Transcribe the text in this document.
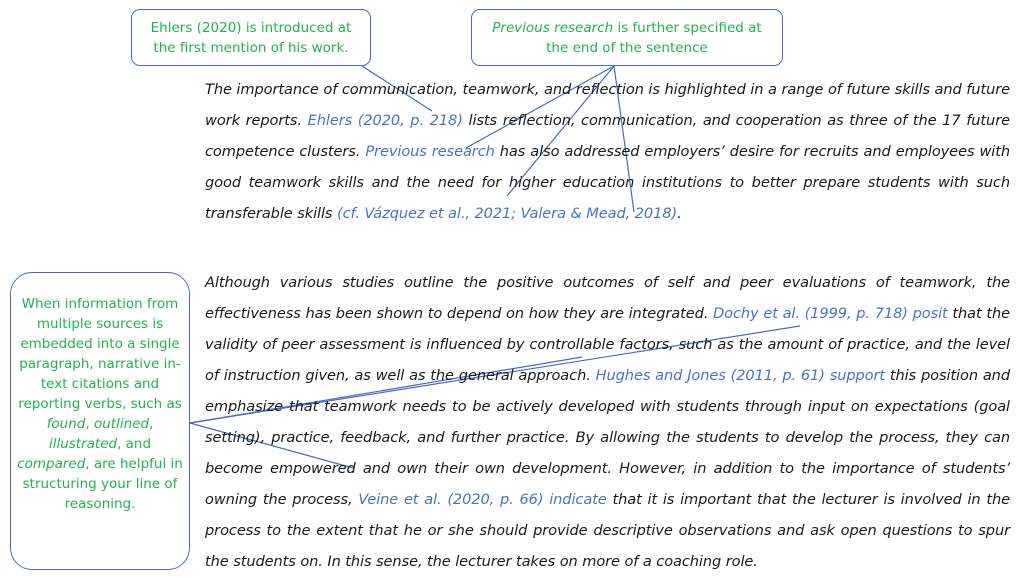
Ehlers (2020) is introduced at
the first mention of his work.
Previous research is further specified at
the end of the sentence
When information from multiple sources is embedded into a single paragraph, narrative in-text citations and reporting verbs, such as found, outlined, illustrated, and compared, are helpful in structuring your line of reasoning.

The importance of communication, teamwork, and reflection is highlighted in a range of future skills and future work reports. Ehlers (2020, p. 218) lists reflection, communication, and cooperation as three of the 17 future competence clusters. Previous research has also addressed employers’ desire for recruits and employees with good teamwork skills and the need for higher education institutions to better prepare students with such transferable skills (cf. Vázquez et al., 2021; Valera & Mead, 2018).

Although various studies outline the positive outcomes of self and peer evaluations of teamwork, the effectiveness has been shown to depend on how they are integrated. Dochy et al. (1999, p. 718) posit that the validity of peer assessment is influenced by controllable factors, such as the amount of practice, and the level of instruction given, as well as the general approach. Hughes and Jones (2011, p. 61) support this position and emphasize that teamwork needs to be actively developed with students through input on expectations (goal setting), practice, feedback, and further practice. By allowing the students to develop the process, they can become empowered and own their own development. However, in addition to the importance of students’ owning the process, Veine et al. (2020, p. 66) indicate that it is important that the lecturer is involved in the process to the extent that he or she should provide descriptive observations and ask open questions to spur the students on. In this sense, the lecturer takes on more of a coaching role.
